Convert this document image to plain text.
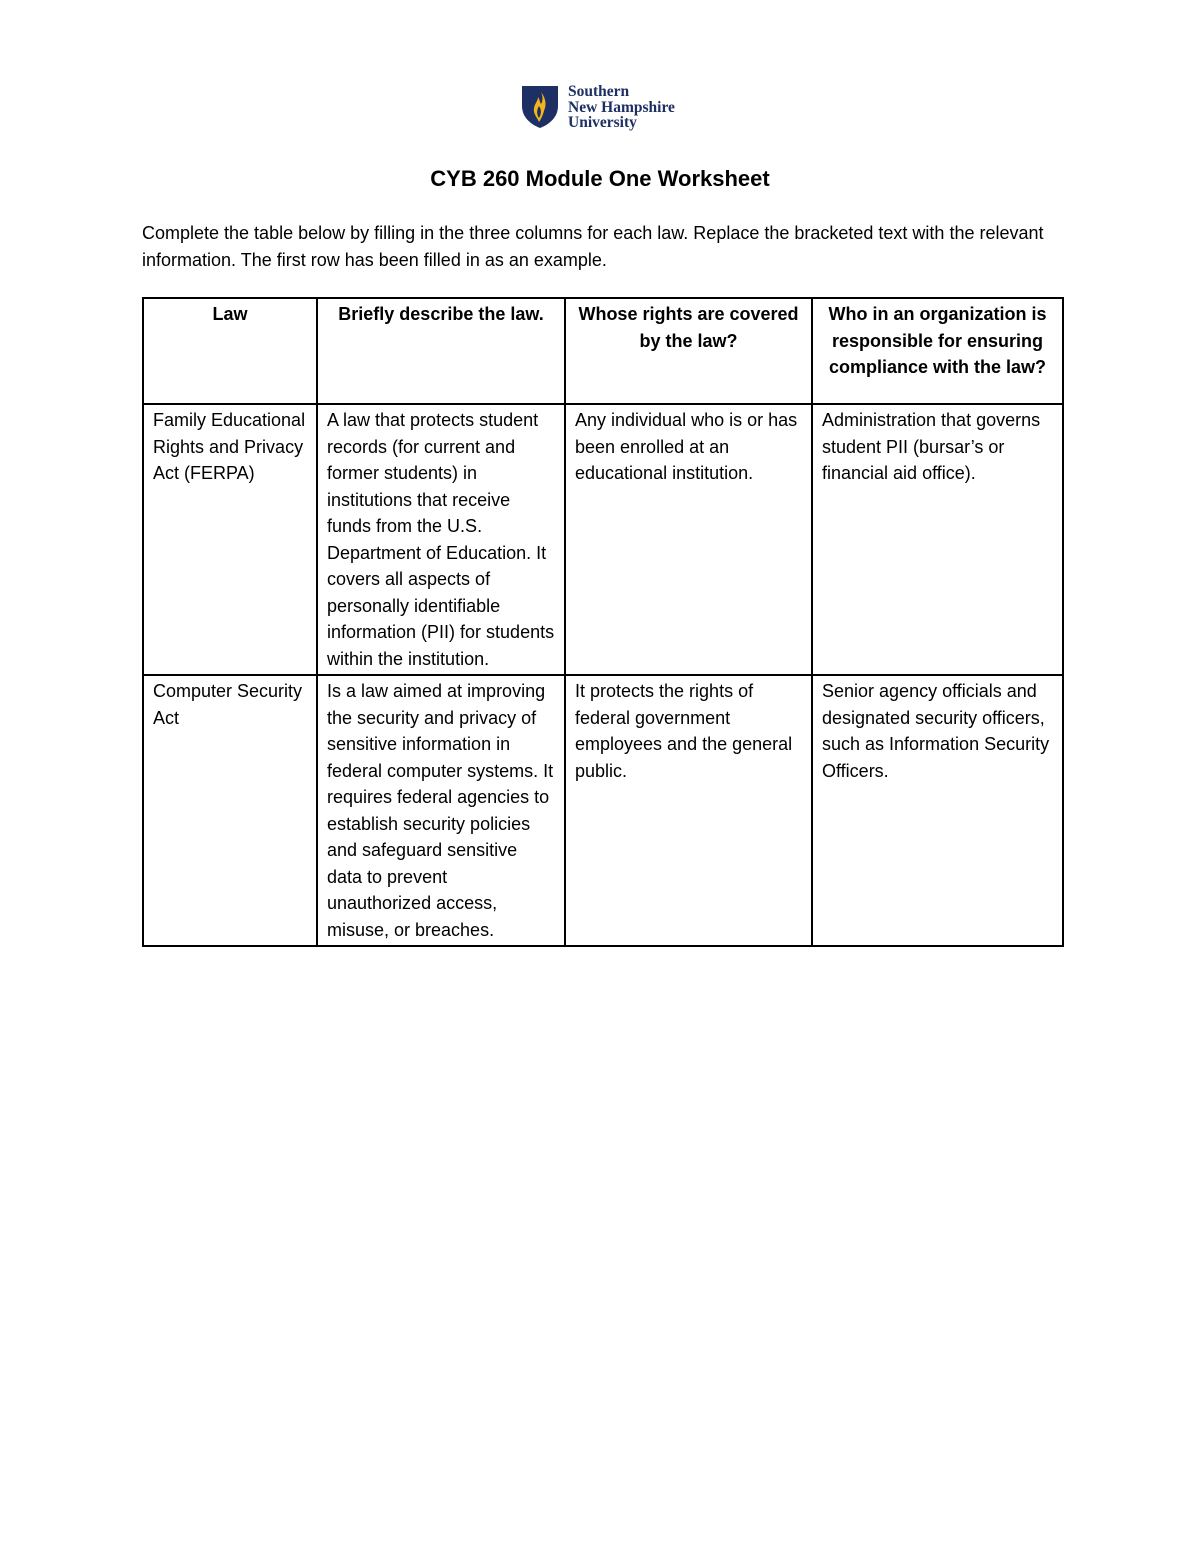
Southern
New Hampshire
University
CYB 260 Module One Worksheet
Complete the table below by filling in the three columns for each law. Replace the bracketed text with the relevant information. The first row has been filled in as an example.
Law	Briefly describe the law.	Whose rights are covered by the law?	Who in an organization is responsible for ensuring compliance with the law?
Family Educational Rights and Privacy Act (FERPA)	A law that protects student records (for current and former students) in institutions that receive funds from the U.S. Department of Education. It covers all aspects of personally identifiable information (PII) for students within the institution.	Any individual who is or has been enrolled at an educational institution.	Administration that governs student PII (bursar’s or financial aid office).
Computer Security Act	Is a law aimed at improving the security and privacy of sensitive information in federal computer systems. It requires federal agencies to establish security policies and safeguard sensitive data to prevent unauthorized access, misuse, or breaches.	It protects the rights of federal government employees and the general public.	Senior agency officials and designated security officers, such as Information Security Officers.
